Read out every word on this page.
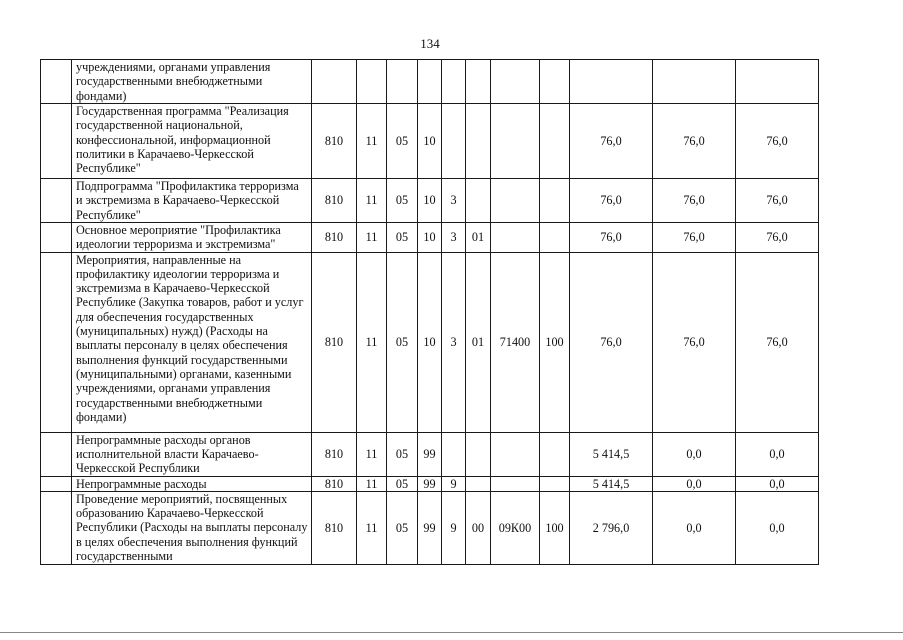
134
	учреждениями, органами управления государственными внебюджетными фондами)											
	Государственная программа "Реализация государственной национальной, конфессиональной, информационной политики в Карачаево-Черкесской Республике"	810	11	05	10					76,0	76,0	76,0
	Подпрограмма "Профилактика терроризма и экстремизма в Карачаево-Черкесской Республике"	810	11	05	10	3				76,0	76,0	76,0
	Основное мероприятие "Профилактика идеологии терроризма и экстремизма"	810	11	05	10	3	01			76,0	76,0	76,0
	Мероприятия, направленные на профилактику идеологии терроризма и экстремизма в Карачаево-Черкесской Республике (Закупка товаров, работ и услуг для обеспечения государственных (муниципальных) нужд) (Расходы на выплаты персоналу в целях обеспечения выполнения функций государственными (муниципальными) органами, казенными учреждениями, органами управления государственными внебюджетными фондами)	810	11	05	10	3	01	71400	100	76,0	76,0	76,0
	Непрограммные расходы органов исполнительной власти Карачаево-Черкесской Республики	810	11	05	99					5 414,5	0,0	0,0
	Непрограммные расходы	810	11	05	99	9				5 414,5	0,0	0,0
	Проведение мероприятий, посвященных образованию Карачаево-Черкесской Республики (Расходы на выплаты персоналу в целях обеспечения выполнения функций государственными	810	11	05	99	9	00	09К00	100	2 796,0	0,0	0,0
